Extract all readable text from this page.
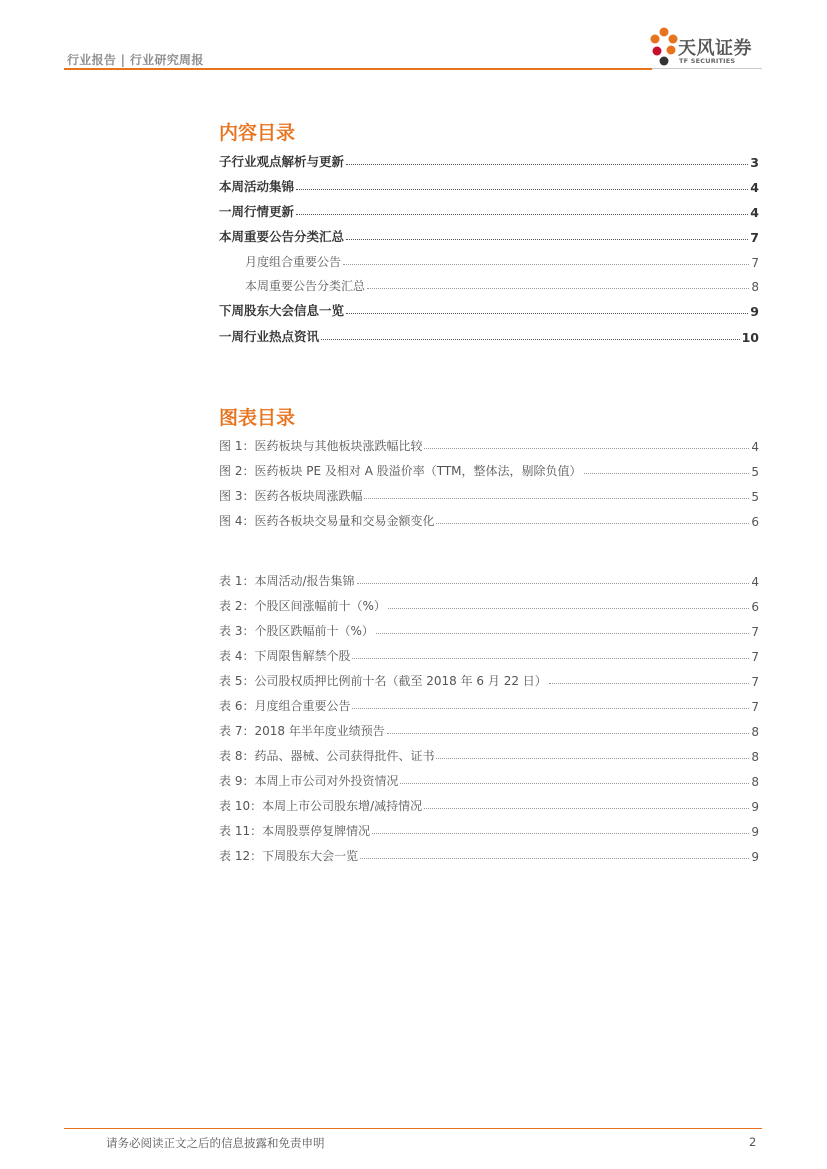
行业报告 | 行业研究周报
天风证券
TF SECURITIES
内容目录
子行业观点解析与更新	3
本周活动集锦	4
一周行情更新	4
本周重要公告分类汇总	7
月度组合重要公告	7
本周重要公告分类汇总	8
下周股东大会信息一览	9
一周行业热点资讯	10
图表目录
图 1：医药板块与其他板块涨跌幅比较	4
图 2：医药板块 PE 及相对 A 股溢价率（TTM，整体法，剔除负值）	5
图 3：医药各板块周涨跌幅	5
图 4：医药各板块交易量和交易金额变化	6
表 1：本周活动/报告集锦	4
表 2：个股区间涨幅前十（%）	6
表 3：个股区跌幅前十（%）	7
表 4：下周限售解禁个股	7
表 5：公司股权质押比例前十名（截至 2018 年 6 月 22 日）	7
表 6：月度组合重要公告	7
表 7：2018 年半年度业绩预告	8
表 8：药品、器械、公司获得批件、证书	8
表 9：本周上市公司对外投资情况	8
表 10：本周上市公司股东增/减持情况	9
表 11：本周股票停复牌情况	9
表 12：下周股东大会一览	9
请务必阅读正文之后的信息披露和免责申明	2
